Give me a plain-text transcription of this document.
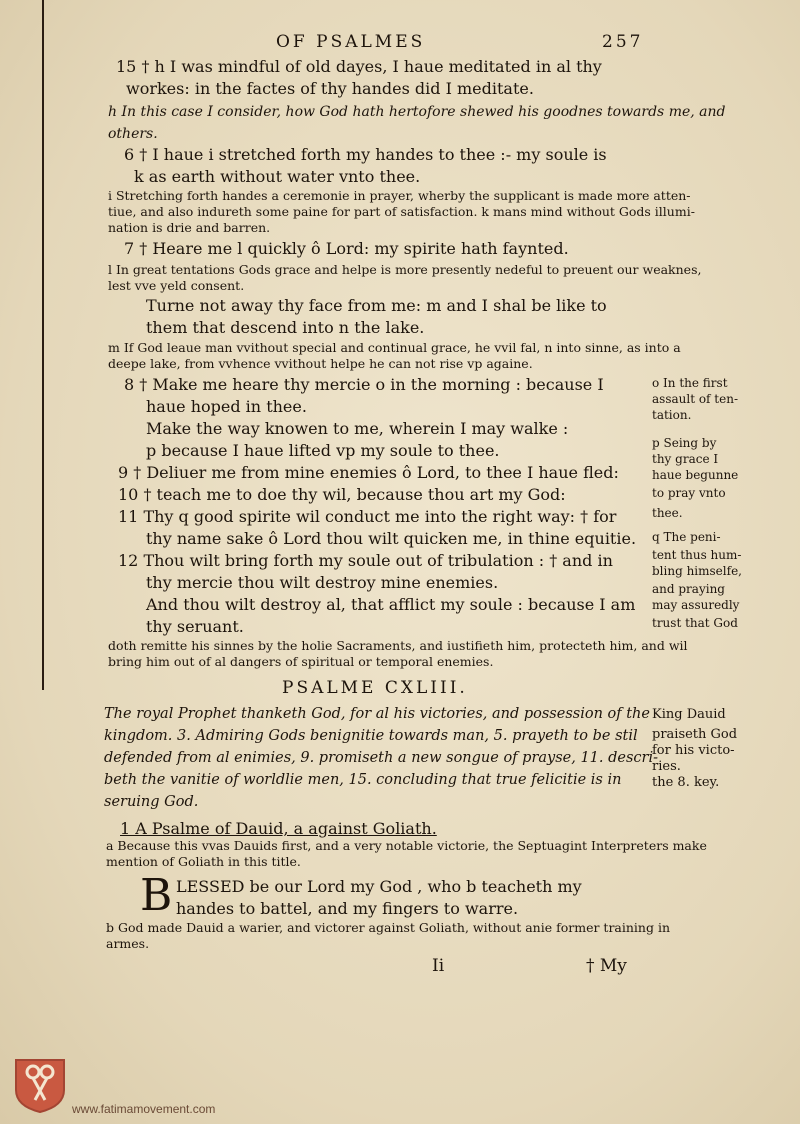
OF PSALMES	257
15 † h I was mindful of old dayes, I haue meditated in al thy
workes: in the factes of thy handes did I meditate.
h In this case I consider, how God hath hertofore shewed his goodnes towards me, and
others.
6 † I haue i stretched forth my handes to thee :- my soule is
k as earth without water vnto thee.
i Stretching forth handes a ceremonie in prayer, wherby the supplicant is made more atten-
tiue, and also indureth some paine for part of satisfaction. k mans mind without Gods illumi-
nation is drie and barren.
7 † Heare me l quickly ô Lord: my spirite hath faynted.
l In great tentations Gods grace and helpe is more presently nedeful to preuent our weaknes,
lest vve yeld consent.
Turne not away thy face from me: m and I shal be like to
them that descend into n the lake.
m If God leaue man vvithout special and continual grace, he vvil fal, n into sinne, as into a
deepe lake, from vvhence vvithout helpe he can not rise vp againe.
8 † Make me heare thy mercie o in the morning : because I
haue hoped in thee.
Make the way knowen to me, wherein I may walke :
p because I haue lifted vp my soule to thee.
9 † Deliuer me from mine enemies ô Lord, to thee I haue fled:
10 † teach me to doe thy wil, because thou art my God:
11 Thy q good spirite wil conduct me into the right way: † for
thy name sake ô Lord thou wilt quicken me, in thine equitie.
12 Thou wilt bring forth my soule out of tribulation : † and in
thy mercie thou wilt destroy mine enemies.
And thou wilt destroy al, that afflict my soule : because I am
thy seruant.
doth remitte his sinnes by the holie Sacraments, and iustifieth him, protecteth him, and wil
bring him out of al dangers of spiritual or temporal enemies.
o In the first
assault of ten-
tation.
p Seing by
thy grace I
haue begunne
to pray vnto
thee.
q The peni-
tent thus hum-
bling himselfe,
and praying
may assuredly
trust that God
PSALME CXLIII.
The royal Prophet thanketh God, for al his victories, and possession of the
kingdom. 3. Admiring Gods benignitie towards man, 5. prayeth to be stil
defended from al enimies, 9. promiseth a new songue of prayse, 11. descri-
beth the vanitie of worldlie men, 15. concluding that true felicitie is in
seruing God.
King Dauid
praiseth God
for his victo-
ries.
the 8. key.
1 A Psalme of Dauid, a against Goliath.
a Because this vvas Dauids first, and a very notable victorie, the Septuagint Interpreters make
mention of Goliath in this title.
B LESSED be our Lord my God , who b teacheth my
handes to battel, and my fingers to warre.
b God made Dauid a warier, and victorer against Goliath, without anie former training in
armes.
Ii	† My
www.fatimamovement.com
